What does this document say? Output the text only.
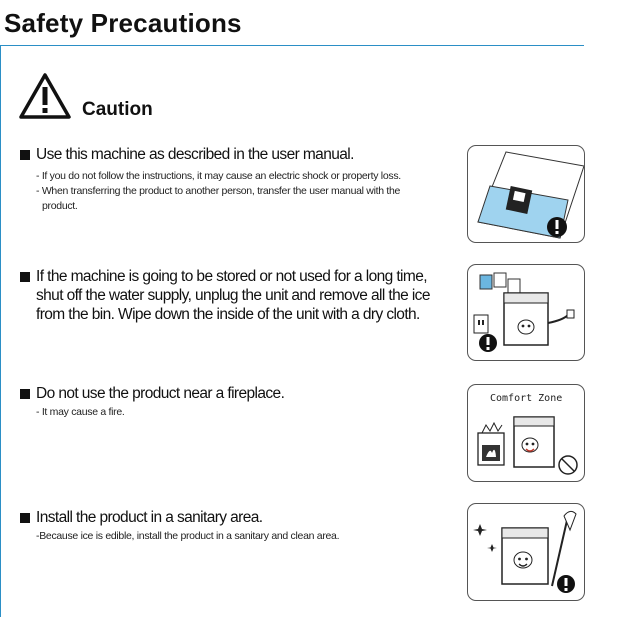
Safety Precautions
Caution
Use this machine as described in the user manual.
- If you do not follow the instructions, it may cause an electric shock or property loss.
- When transferring the product to another person, transfer the user manual with the
product.
If the machine is going to be stored or not used for a long time,
shut off the water supply, unplug the unit and remove all the ice
from the bin. Wipe down the inside of the unit with a dry cloth.
Do not use the product near a fireplace.
- It may cause a fire.
Install the product in a sanitary area.
-Because ice is edible, install the product in a sanitary and clean area.
Comfort Zone
